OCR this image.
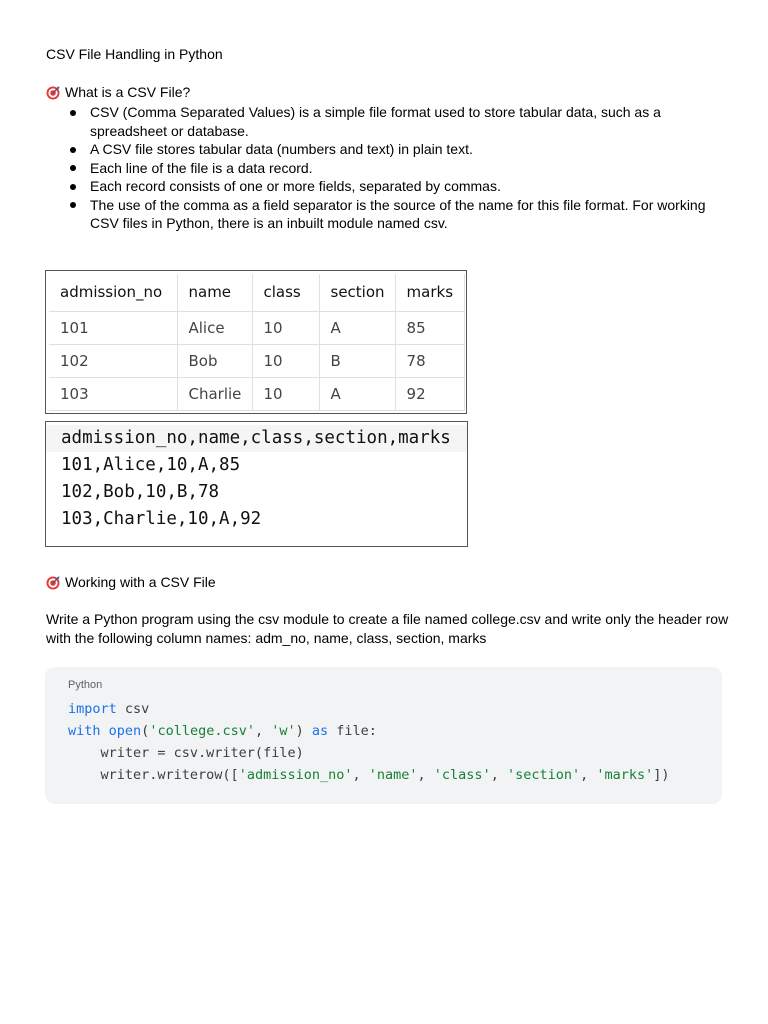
CSV File Handling in Python
What is a CSV File?
CSV (Comma Separated Values) is a simple file format used to store tabular data, such as a spreadsheet or database.
A CSV file stores tabular data (numbers and text) in plain text.
Each line of the file is a data record.
Each record consists of one or more fields, separated by commas.
The use of the comma as a field separator is the source of the name for this file format. For working CSV files in Python, there is an inbuilt module named csv.
admission_no	name	class	section	marks
101	Alice	10	A	85
102	Bob	10	B	78
103	Charlie	10	A	92
admission_no,name,class,section,marks
101,Alice,10,A,85
102,Bob,10,B,78
103,Charlie,10,A,92
Working with a CSV File
Write a Python program using the csv module to create a file named college.csv and write only the header row with the following column names: adm_no, name, class, section, marks
Python
import csv
with open('college.csv', 'w') as file:
writer = csv.writer(file)
writer.writerow(['admission_no', 'name', 'class', 'section', 'marks'])
